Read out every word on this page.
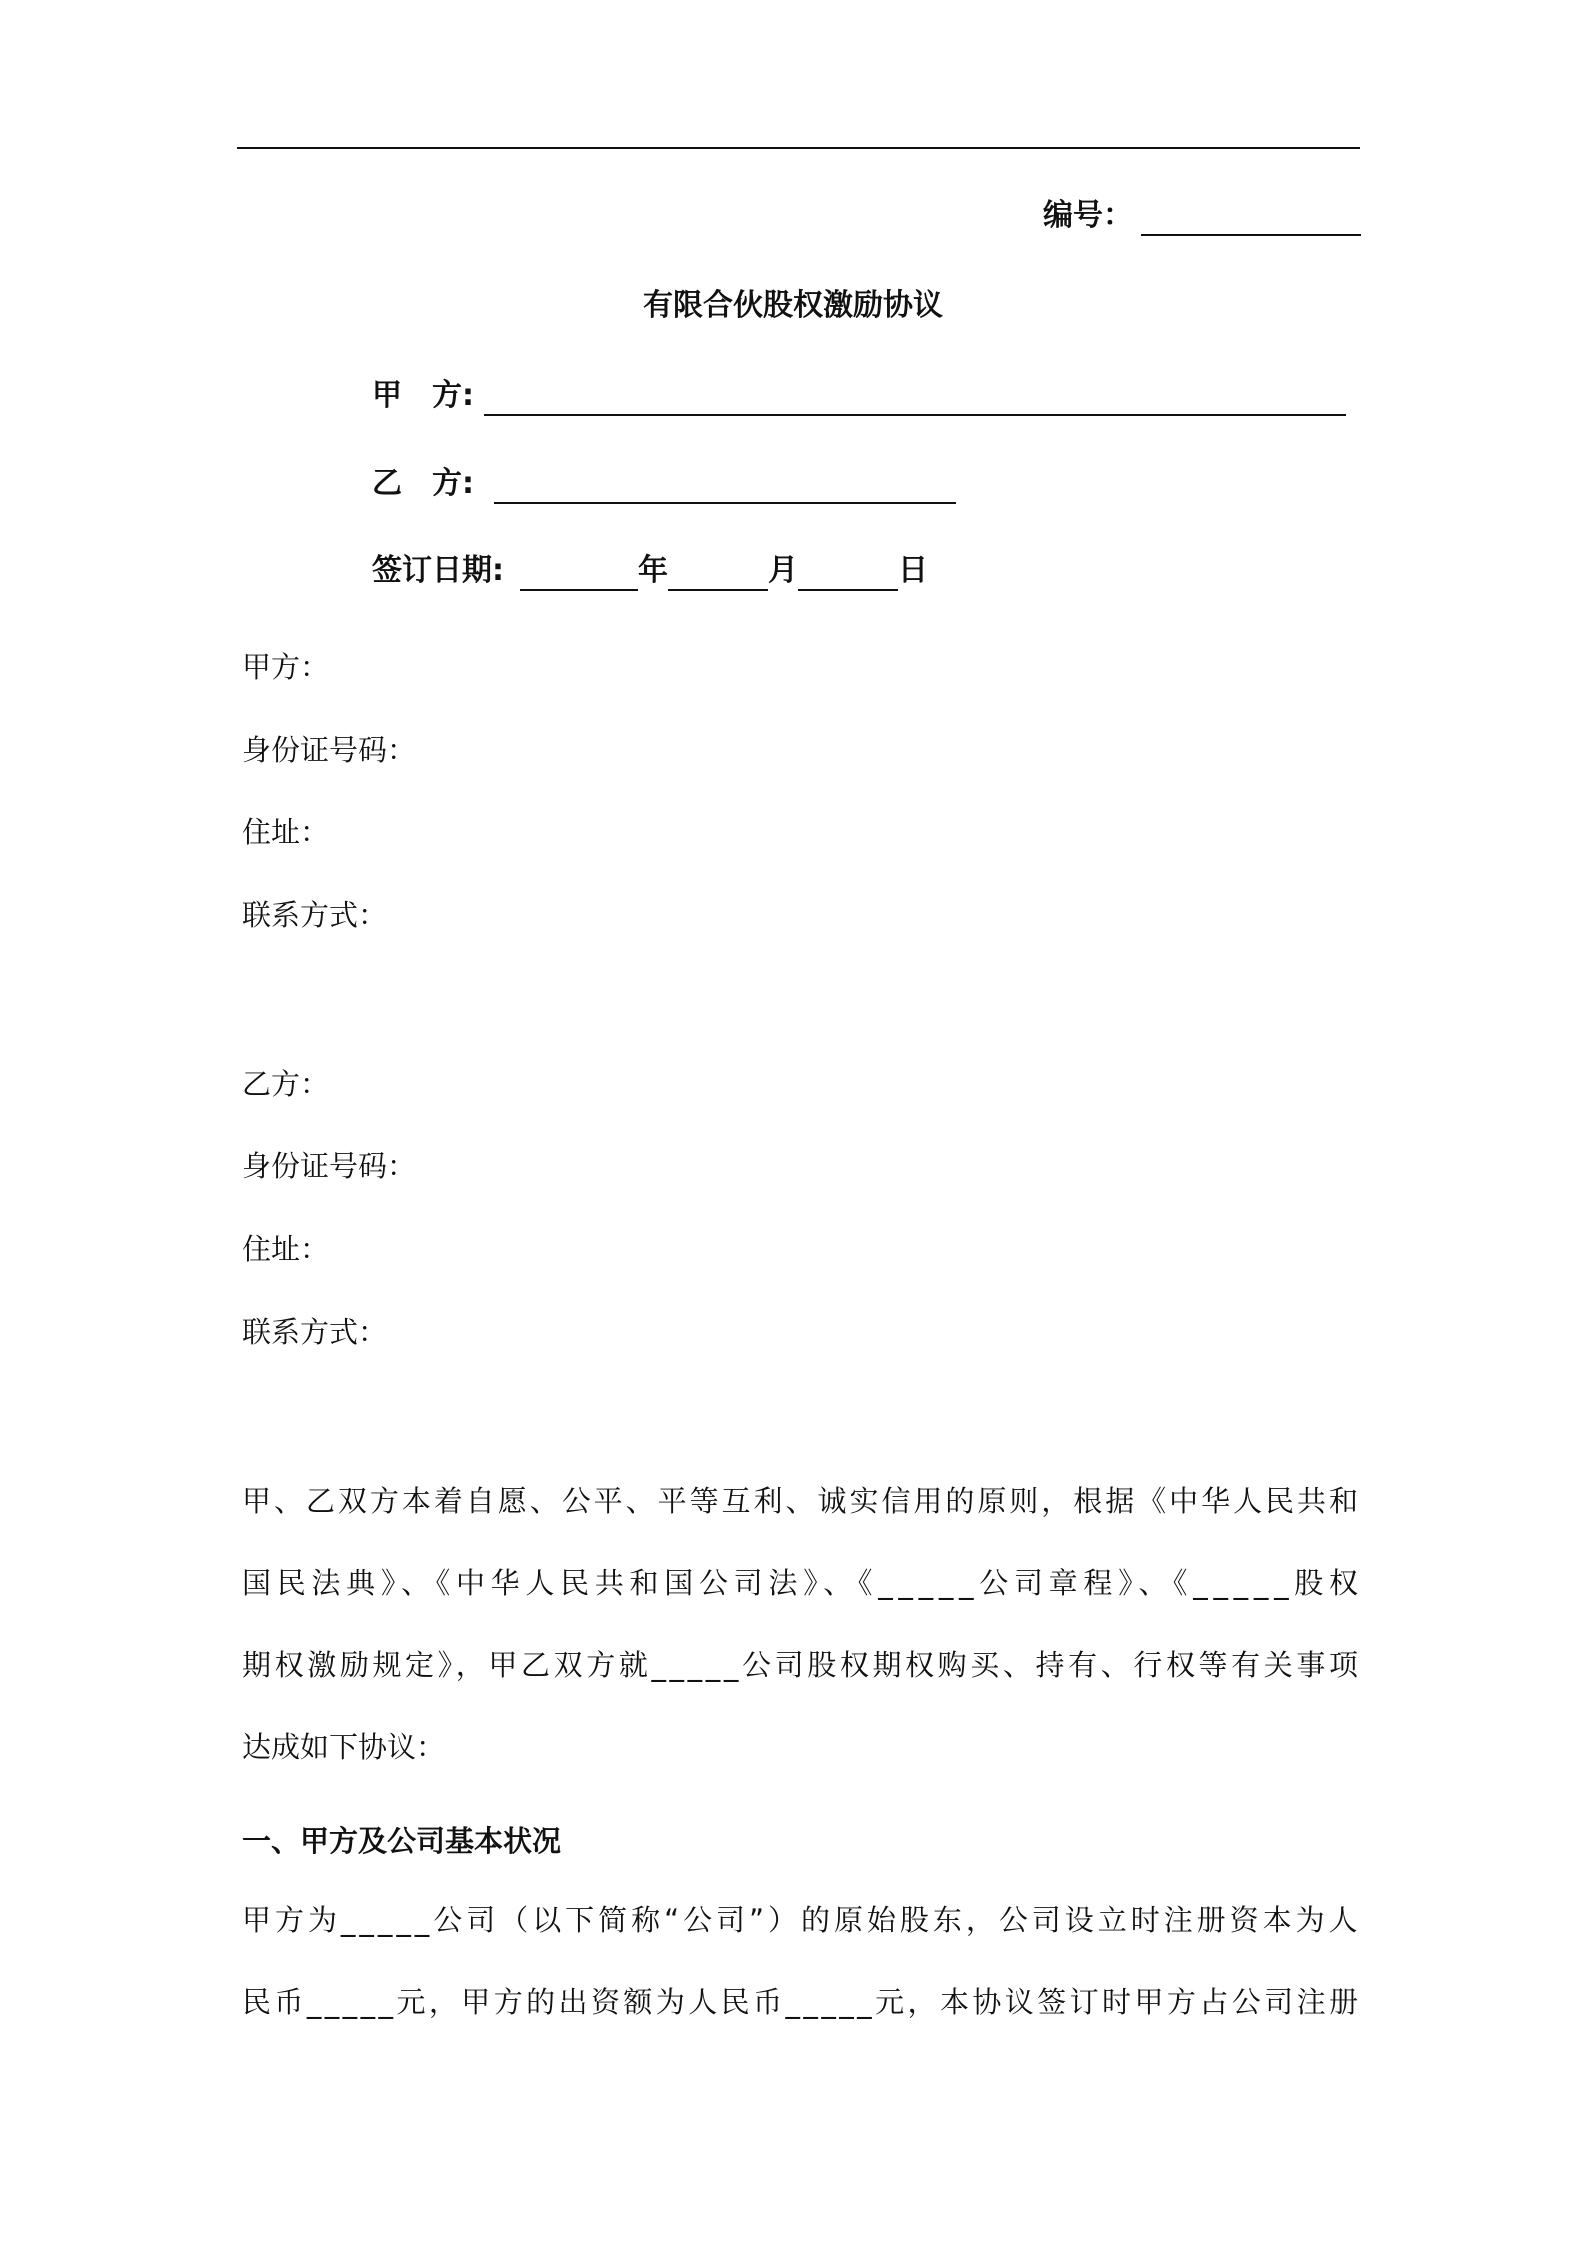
编号：
有限合伙股权激励协议
甲　方:
乙　方:
签订日期:	年	月	日
甲方：
身份证号码：
住址：
联系方式：
乙方：
身份证号码：
住址：
联系方式：
甲、乙双方本着自愿、公平、平等互利、诚实信用的原则，根据《中华人民共和
国民法典》、《中华人民共和国公司法》、《_____公司章程》、《_____股权
期权激励规定》，甲乙双方就_____公司股权期权购买、持有、行权等有关事项
达成如下协议：
一、甲方及公司基本状况
甲方为_____公司（以下简称“公司”）的原始股东，公司设立时注册资本为人
民币_____元，甲方的出资额为人民币_____元，本协议签订时甲方占公司注册
